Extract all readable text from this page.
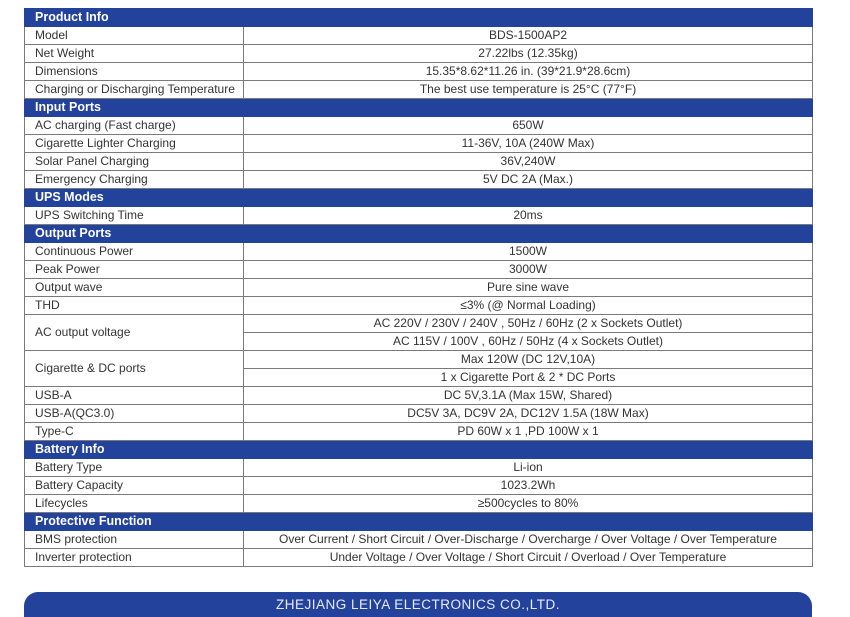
Product Info	
Model	BDS-1500AP2
Net Weight	27.22lbs (12.35kg)
Dimensions	15.35*8.62*11.26 in. (39*21.9*28.6cm)
Charging or Discharging Temperature	The best use temperature is 25°C (77°F)
Input Ports	
AC charging (Fast charge)	650W
Cigarette Lighter Charging	11-36V, 10A (240W Max)
Solar Panel Charging	36V,240W
Emergency Charging	5V DC 2A (Max.)
UPS Modes	
UPS Switching Time	20ms
Output Ports	
Continuous Power	1500W
Peak Power	3000W
Output wave	Pure sine wave
THD	≤3% (@ Normal Loading)
AC output voltage	AC 220V / 230V / 240V , 50Hz / 60Hz (2 x Sockets Outlet)
	AC 115V / 100V , 60Hz / 50Hz (4 x Sockets Outlet)
Cigarette & DC ports	Max 120W (DC 12V,10A)
	1 x Cigarette Port & 2 * DC Ports
USB-A	DC 5V,3.1A (Max 15W, Shared)
USB-A(QC3.0)	DC5V 3A, DC9V 2A, DC12V 1.5A (18W Max)
Type-C	PD 60W x 1 ,PD 100W x 1
Battery Info	
Battery Type	Li-ion
Battery Capacity	1023.2Wh
Lifecycles	≥500cycles to 80%
Protective Function	
BMS protection	Over Current / Short Circuit / Over-Discharge / Overcharge / Over Voltage / Over Temperature
Inverter protection	Under Voltage / Over Voltage / Short Circuit / Overload / Over Temperature
ZHEJIANG LEIYA ELECTRONICS CO.,LTD.
